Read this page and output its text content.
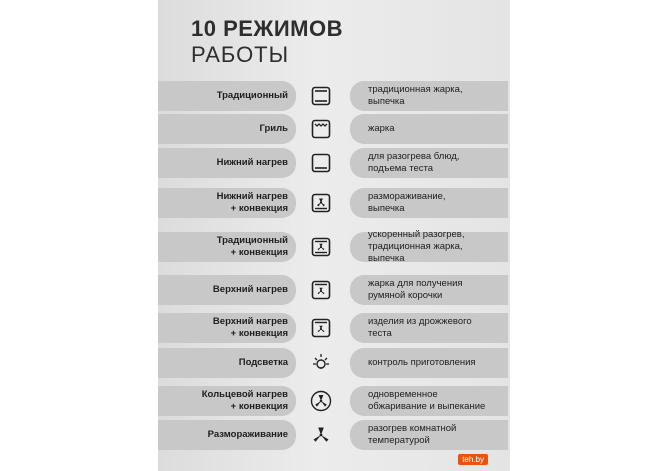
10 РЕЖИМОВ
РАБОТЫ
Традиционный
традиционная жарка,
выпечка
Гриль	жарка
Нижний нагрев
для разогрева блюд,
подъема теста
Нижний нагрев
+ конвекция
размораживание,
выпечка
Традиционный
+ конвекция
ускоренный разогрев,
традиционная жарка,
выпечка
Верхний нагрев
жарка для получения
румяной корочки
Верхний нагрев
+ конвекция
изделия из дрожжевого
теста
Подсветка	контроль приготовления
Кольцевой нагрев
+ конвекция
одновременное
обжаривание и выпекание
Размораживание
разогрев комнатной
температурой
teh.by
